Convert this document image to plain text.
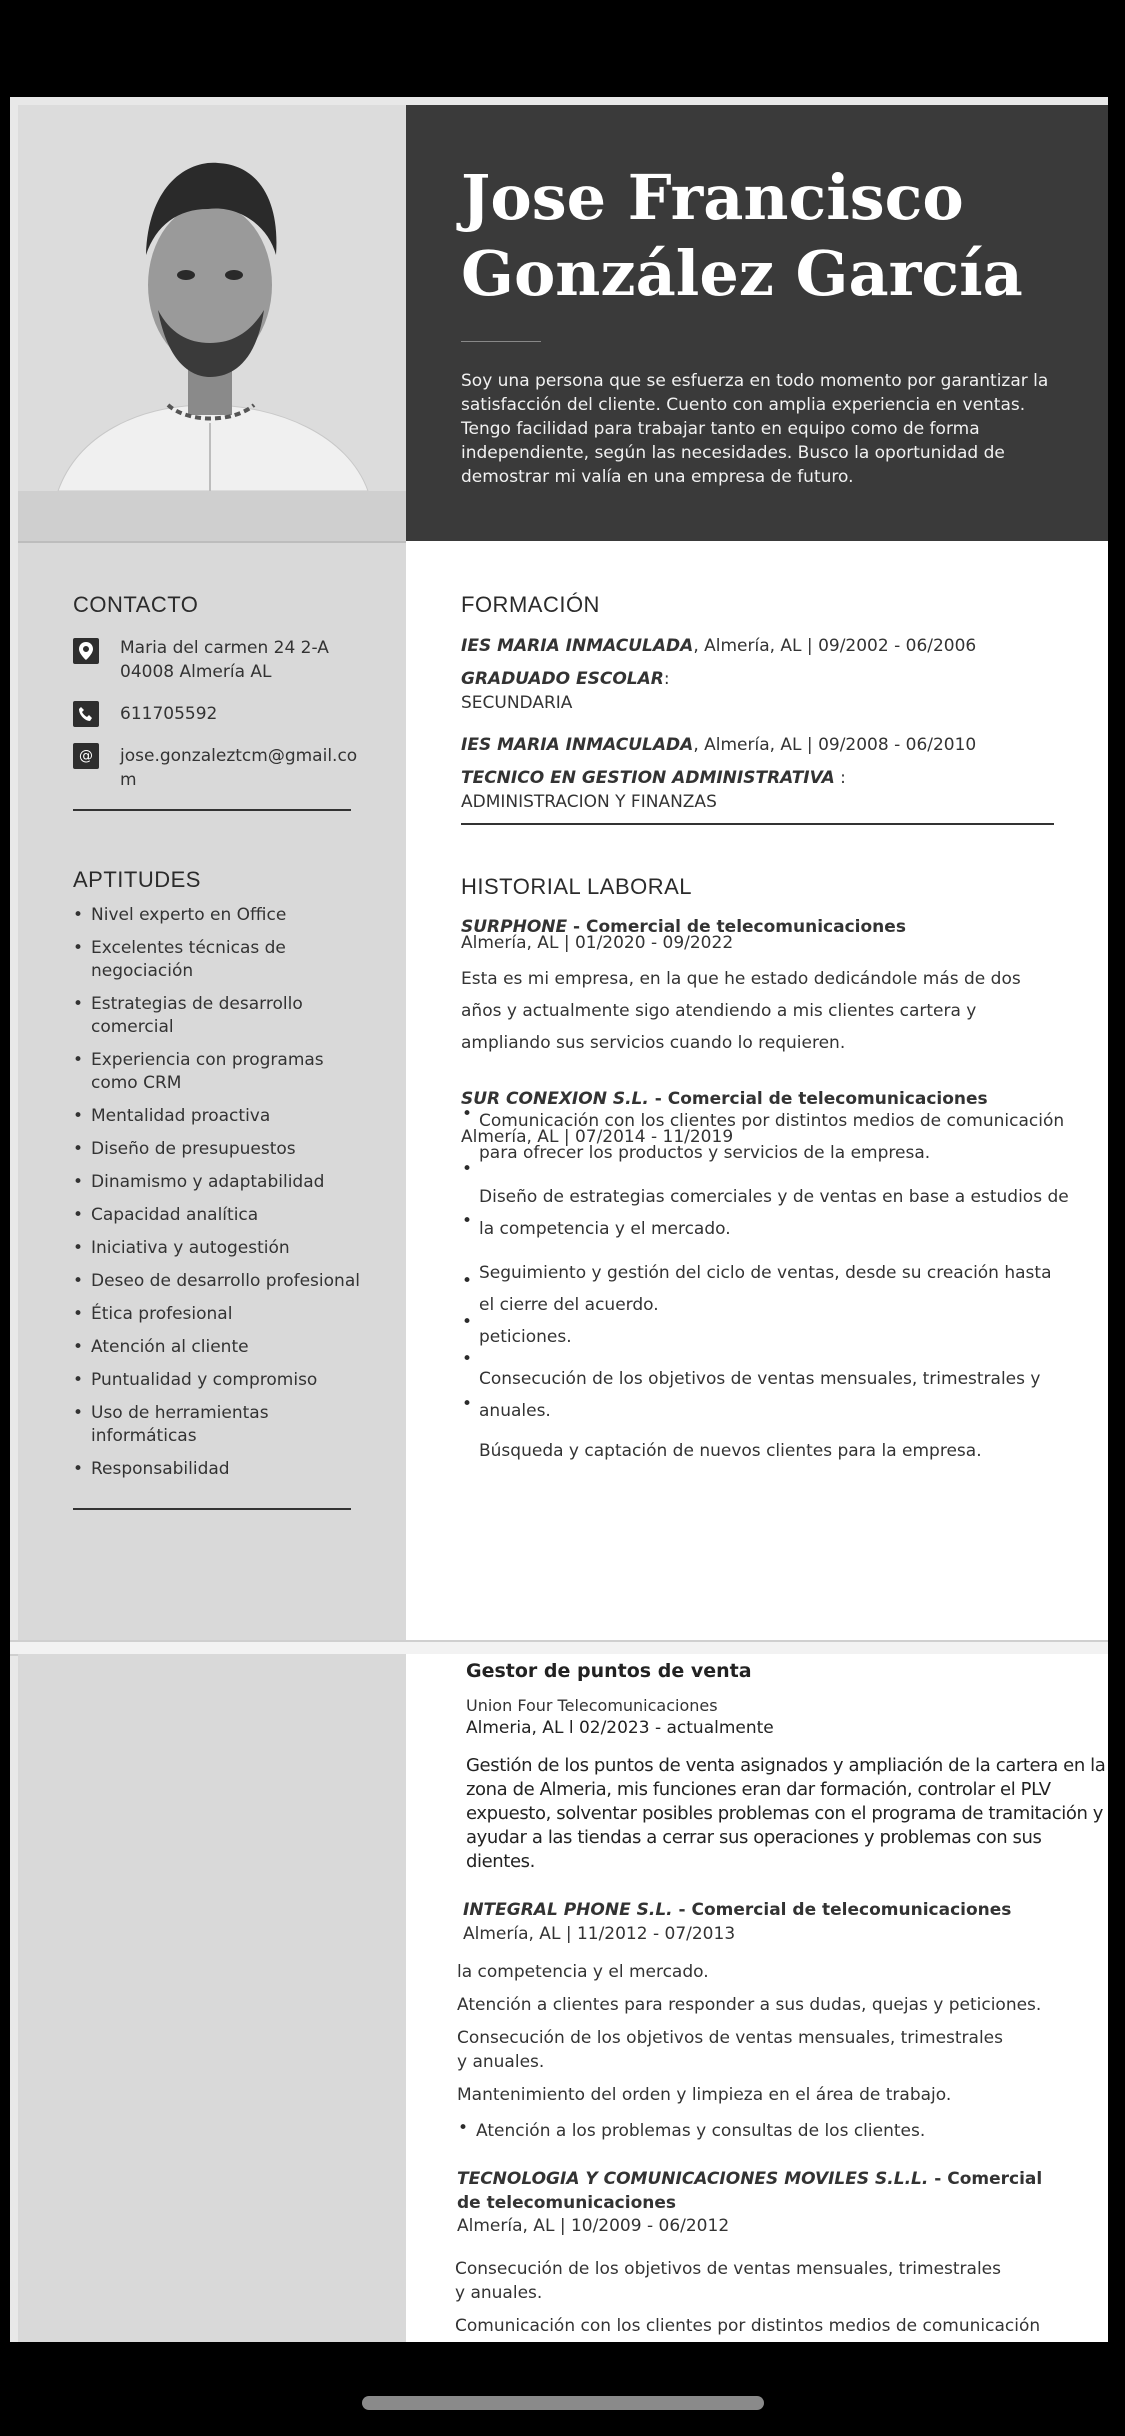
CONTACTO
Maria del carmen 24 2-A
04008 Almería AL
611705592
@	jose.gonzaleztcm@gmail.co
m
APTITUDES
• Nivel experto en Office
• Excelentes técnicas de negociación
• Estrategias de desarrollo comercial
• Experiencia con programas como CRM
• Mentalidad proactiva
• Diseño de presupuestos
• Dinamismo y adaptabilidad
• Capacidad analítica
• Iniciativa y autogestión
• Deseo de desarrollo profesional
• Ética profesional
• Atención al cliente
• Puntualidad y compromiso
• Uso de herramientas informáticas
• Responsabilidad
Jose Francisco
González García
Soy una persona que se esfuerza en todo momento por garantizar la satisfacción del cliente. Cuento con amplia experiencia en ventas. Tengo facilidad para trabajar tanto en equipo como de forma independiente, según las necesidades. Busco la oportunidad de demostrar mi valía en una empresa de futuro.
FORMACIÓN
IES MARIA INMACULADA, Almería, AL | 09/2002 - 06/2006
GRADUADO ESCOLAR:
SECUNDARIA
IES MARIA INMACULADA, Almería, AL | 09/2008 - 06/2010
TECNICO EN GESTION ADMINISTRATIVA :
ADMINISTRACION Y FINANZAS
HISTORIAL LABORAL
SURPHONE - Comercial de telecomunicaciones
Almería, AL | 01/2020 - 09/2022
Esta es mi empresa, en la que he estado dedicándole más de dos años y actualmente sigo atendiendo a mis clientes cartera y ampliando sus servicios cuando lo requieren.
SUR CONEXION S.L. - Comercial de telecomunicaciones
Almería, AL | 07/2014 - 11/2019
•
•
•
•
•
•
•
Comunicación con los clientes por distintos medios de comunicación para ofrecer los productos y servicios de la empresa.
Diseño de estrategias comerciales y de ventas en base a estudios de la competencia y el mercado.
Seguimiento y gestión del ciclo de ventas, desde su creación hasta el cierre del acuerdo.
peticiones.
Consecución de los objetivos de ventas mensuales, trimestrales y anuales.
Búsqueda y captación de nuevos clientes para la empresa.
Gestor de puntos de venta
Union Four Telecomunicaciones
Almeria, AL l 02/2023 - actualmente
Gestión de los puntos de venta asignados y ampliación de la cartera en la zona de Almeria, mis funciones eran dar formación, controlar el PLV expuesto, solventar posibles problemas con el programa de tramitación y ayudar a las tiendas a cerrar sus operaciones y problemas con sus dientes.
INTEGRAL PHONE S.L. - Comercial de telecomunicaciones
Almería, AL | 11/2012 - 07/2013
la competencia y el mercado.
Atención a clientes para responder a sus dudas, quejas y peticiones.
Consecución de los objetivos de ventas mensuales, trimestrales y anuales.
Mantenimiento del orden y limpieza en el área de trabajo.
• Atención a los problemas y consultas de los clientes.
TECNOLOGIA Y COMUNICACIONES MOVILES S.L.L. - Comercial de telecomunicaciones
Almería, AL | 10/2009 - 06/2012
Consecución de los objetivos de ventas mensuales, trimestrales y anuales.
Comunicación con los clientes por distintos medios de comunicación
